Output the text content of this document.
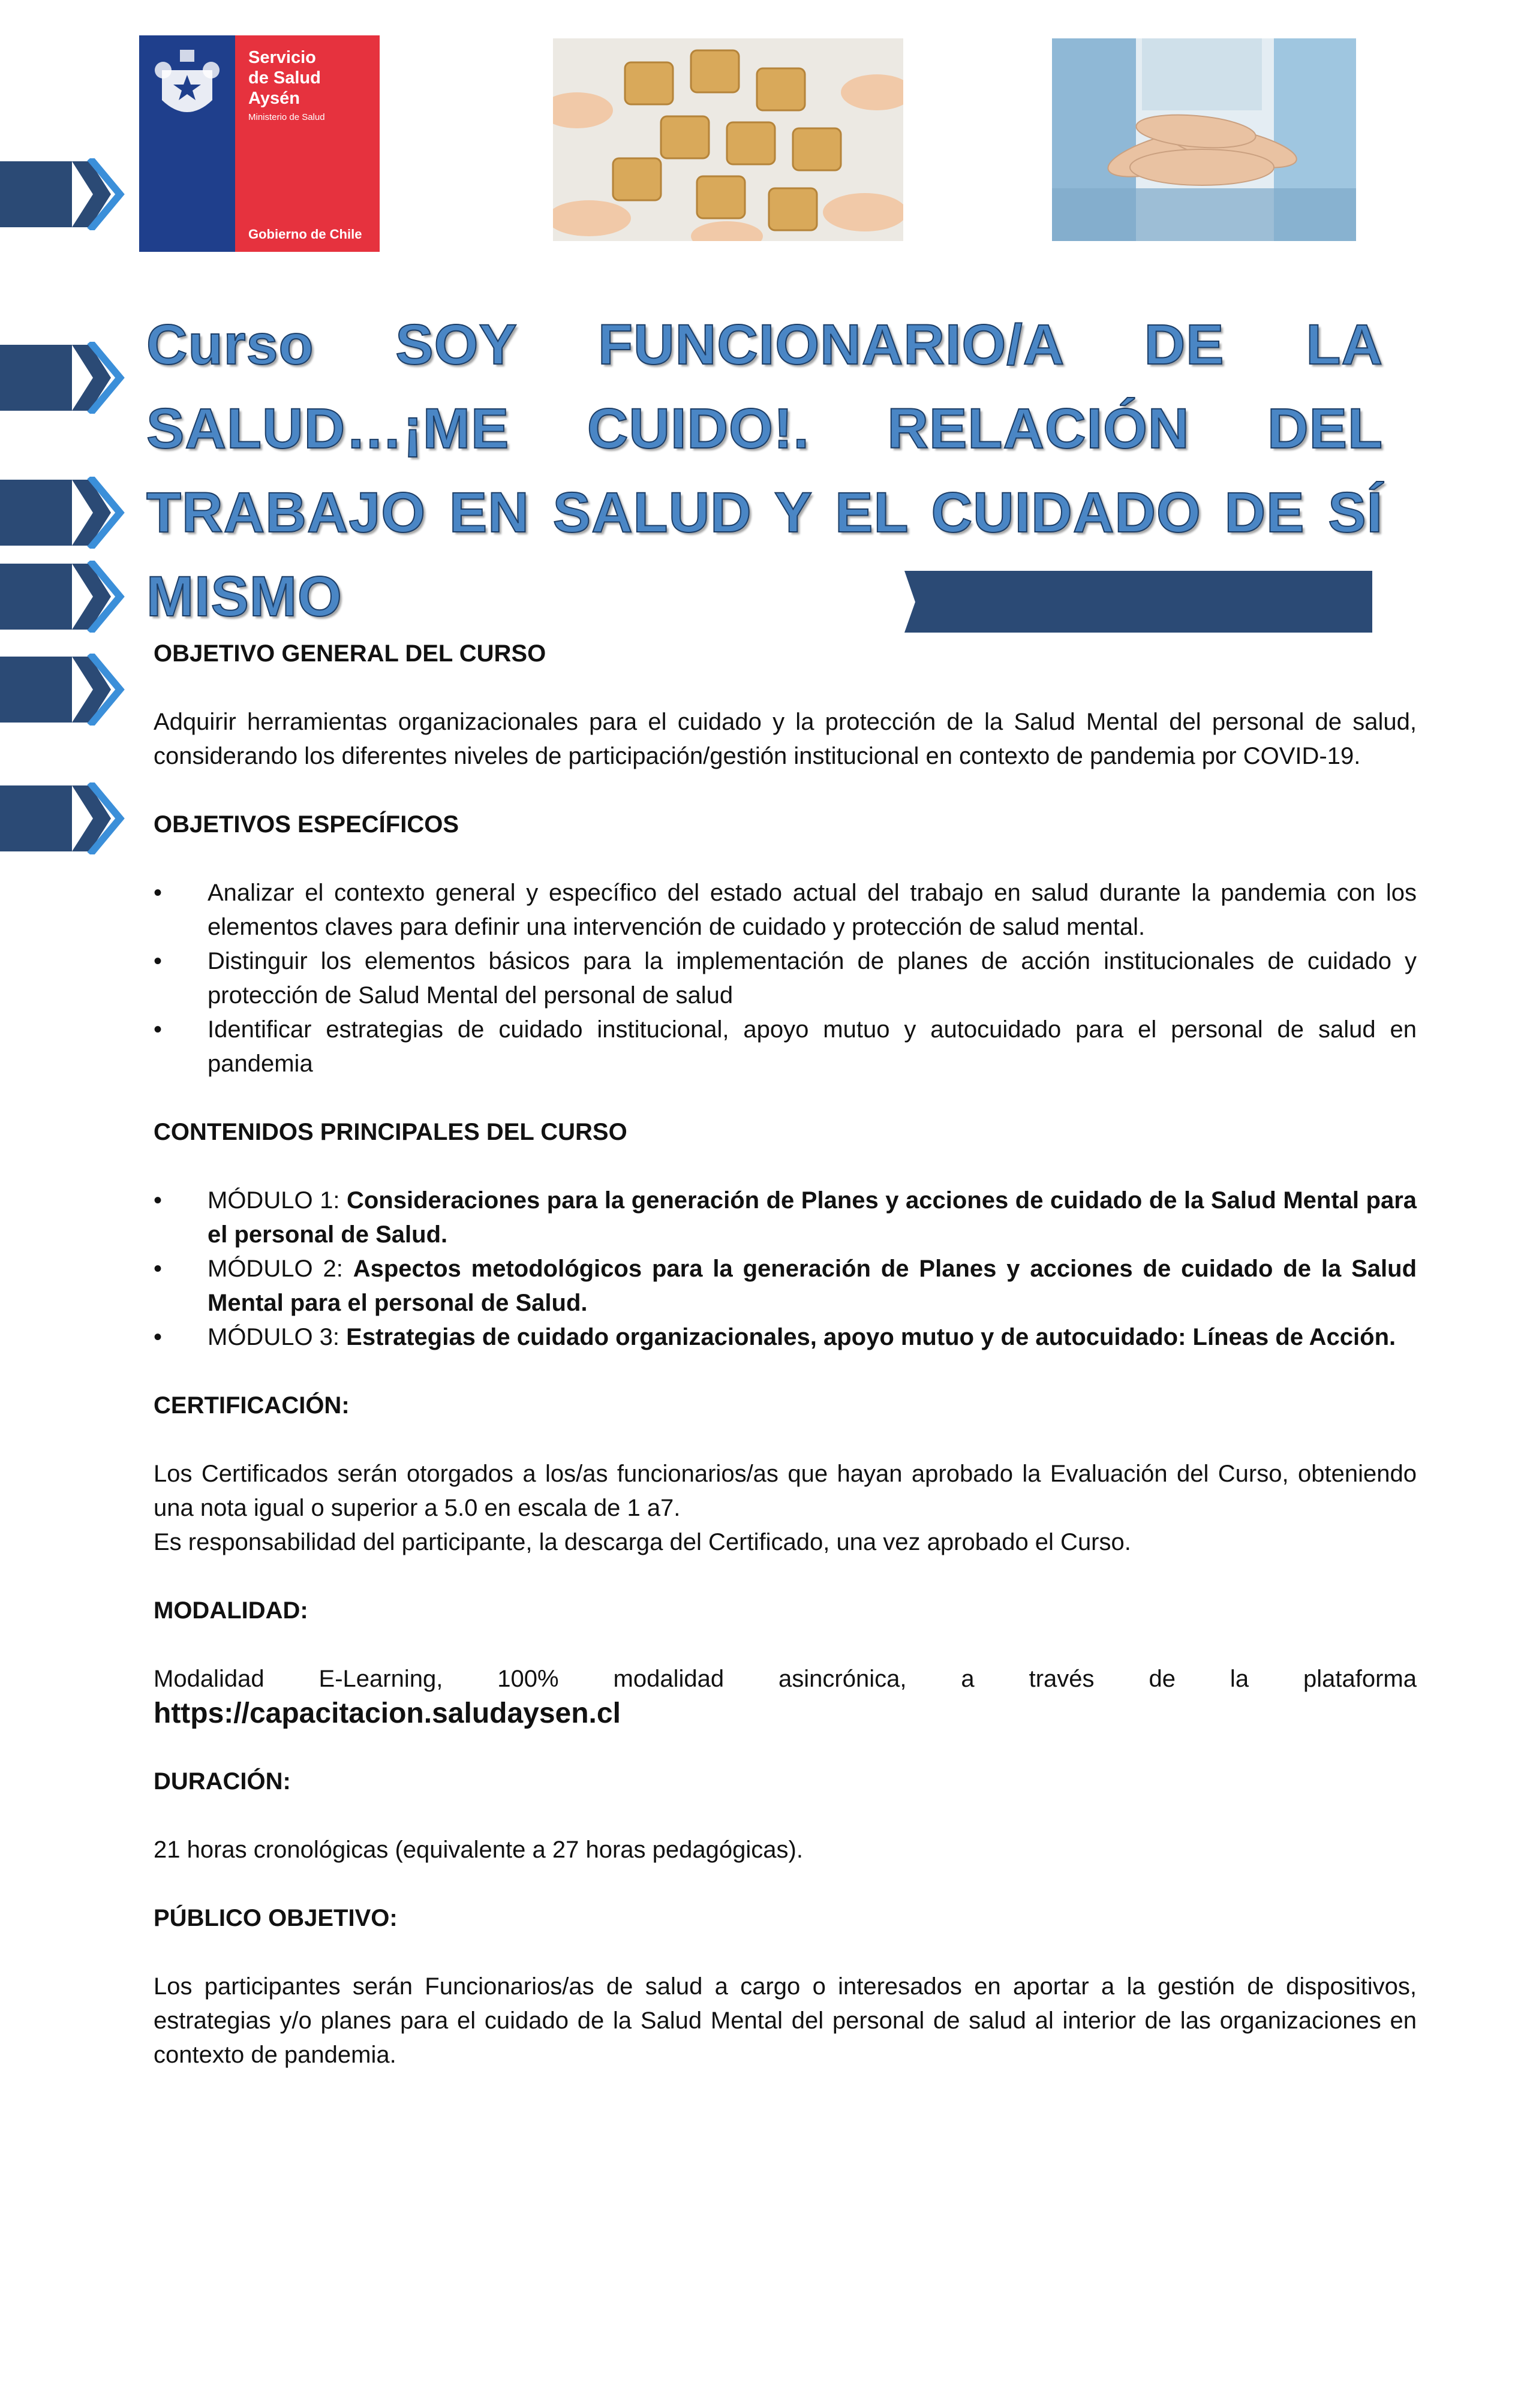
Servicio
de Salud
Aysén
Ministerio de Salud
Gobierno de Chile
Curso SOY FUNCIONARIO/A DE LA SALUD…¡ME CUIDO!. RELACIÓN DEL TRABAJO EN SALUD Y EL CUIDADO DE SÍ MISMO
OBJETIVO GENERAL DEL CURSO

Adquirir herramientas organizacionales para el cuidado y la protección de la Salud Mental del personal de salud, considerando los diferentes niveles de participación/gestión institucional en contexto de pandemia por COVID-19.

OBJETIVOS ESPECÍFICOS
• Analizar el contexto general y específico del estado actual del trabajo en salud durante la pandemia con los elementos claves para definir una intervención de cuidado y protección de salud mental.
• Distinguir los elementos básicos para la implementación de planes de acción institucionales de cuidado y protección de Salud Mental del personal de salud
• Identificar estrategias de cuidado institucional, apoyo mutuo y autocuidado para el personal de salud en pandemia
CONTENIDOS PRINCIPALES DEL CURSO
• MÓDULO 1: Consideraciones para la generación de Planes y acciones de cuidado de la Salud Mental para el personal de Salud.
• MÓDULO 2: Aspectos metodológicos para la generación de Planes y acciones de cuidado de la Salud Mental para el personal de Salud.
• MÓDULO 3: Estrategias de cuidado organizacionales, apoyo mutuo y de autocuidado: Líneas de Acción.
CERTIFICACIÓN:

Los Certificados serán otorgados a los/as funcionarios/as que hayan aprobado la Evaluación del Curso, obteniendo una nota igual o superior a 5.0 en escala de 1 a7.

Es responsabilidad del participante, la descarga del Certificado, una vez aprobado el Curso.

MODALIDAD:

Modalidad E-Learning, 100% modalidad asincrónica, a través de la plataforma

https://capacitacion.saludaysen.cl
DURACIÓN:

21 horas cronológicas (equivalente a 27 horas pedagógicas).

PÚBLICO OBJETIVO:

Los participantes serán Funcionarios/as de salud a cargo o interesados en aportar a la gestión de dispositivos, estrategias y/o planes para el cuidado de la Salud Mental del personal de salud al interior de las organizaciones en contexto de pandemia.
